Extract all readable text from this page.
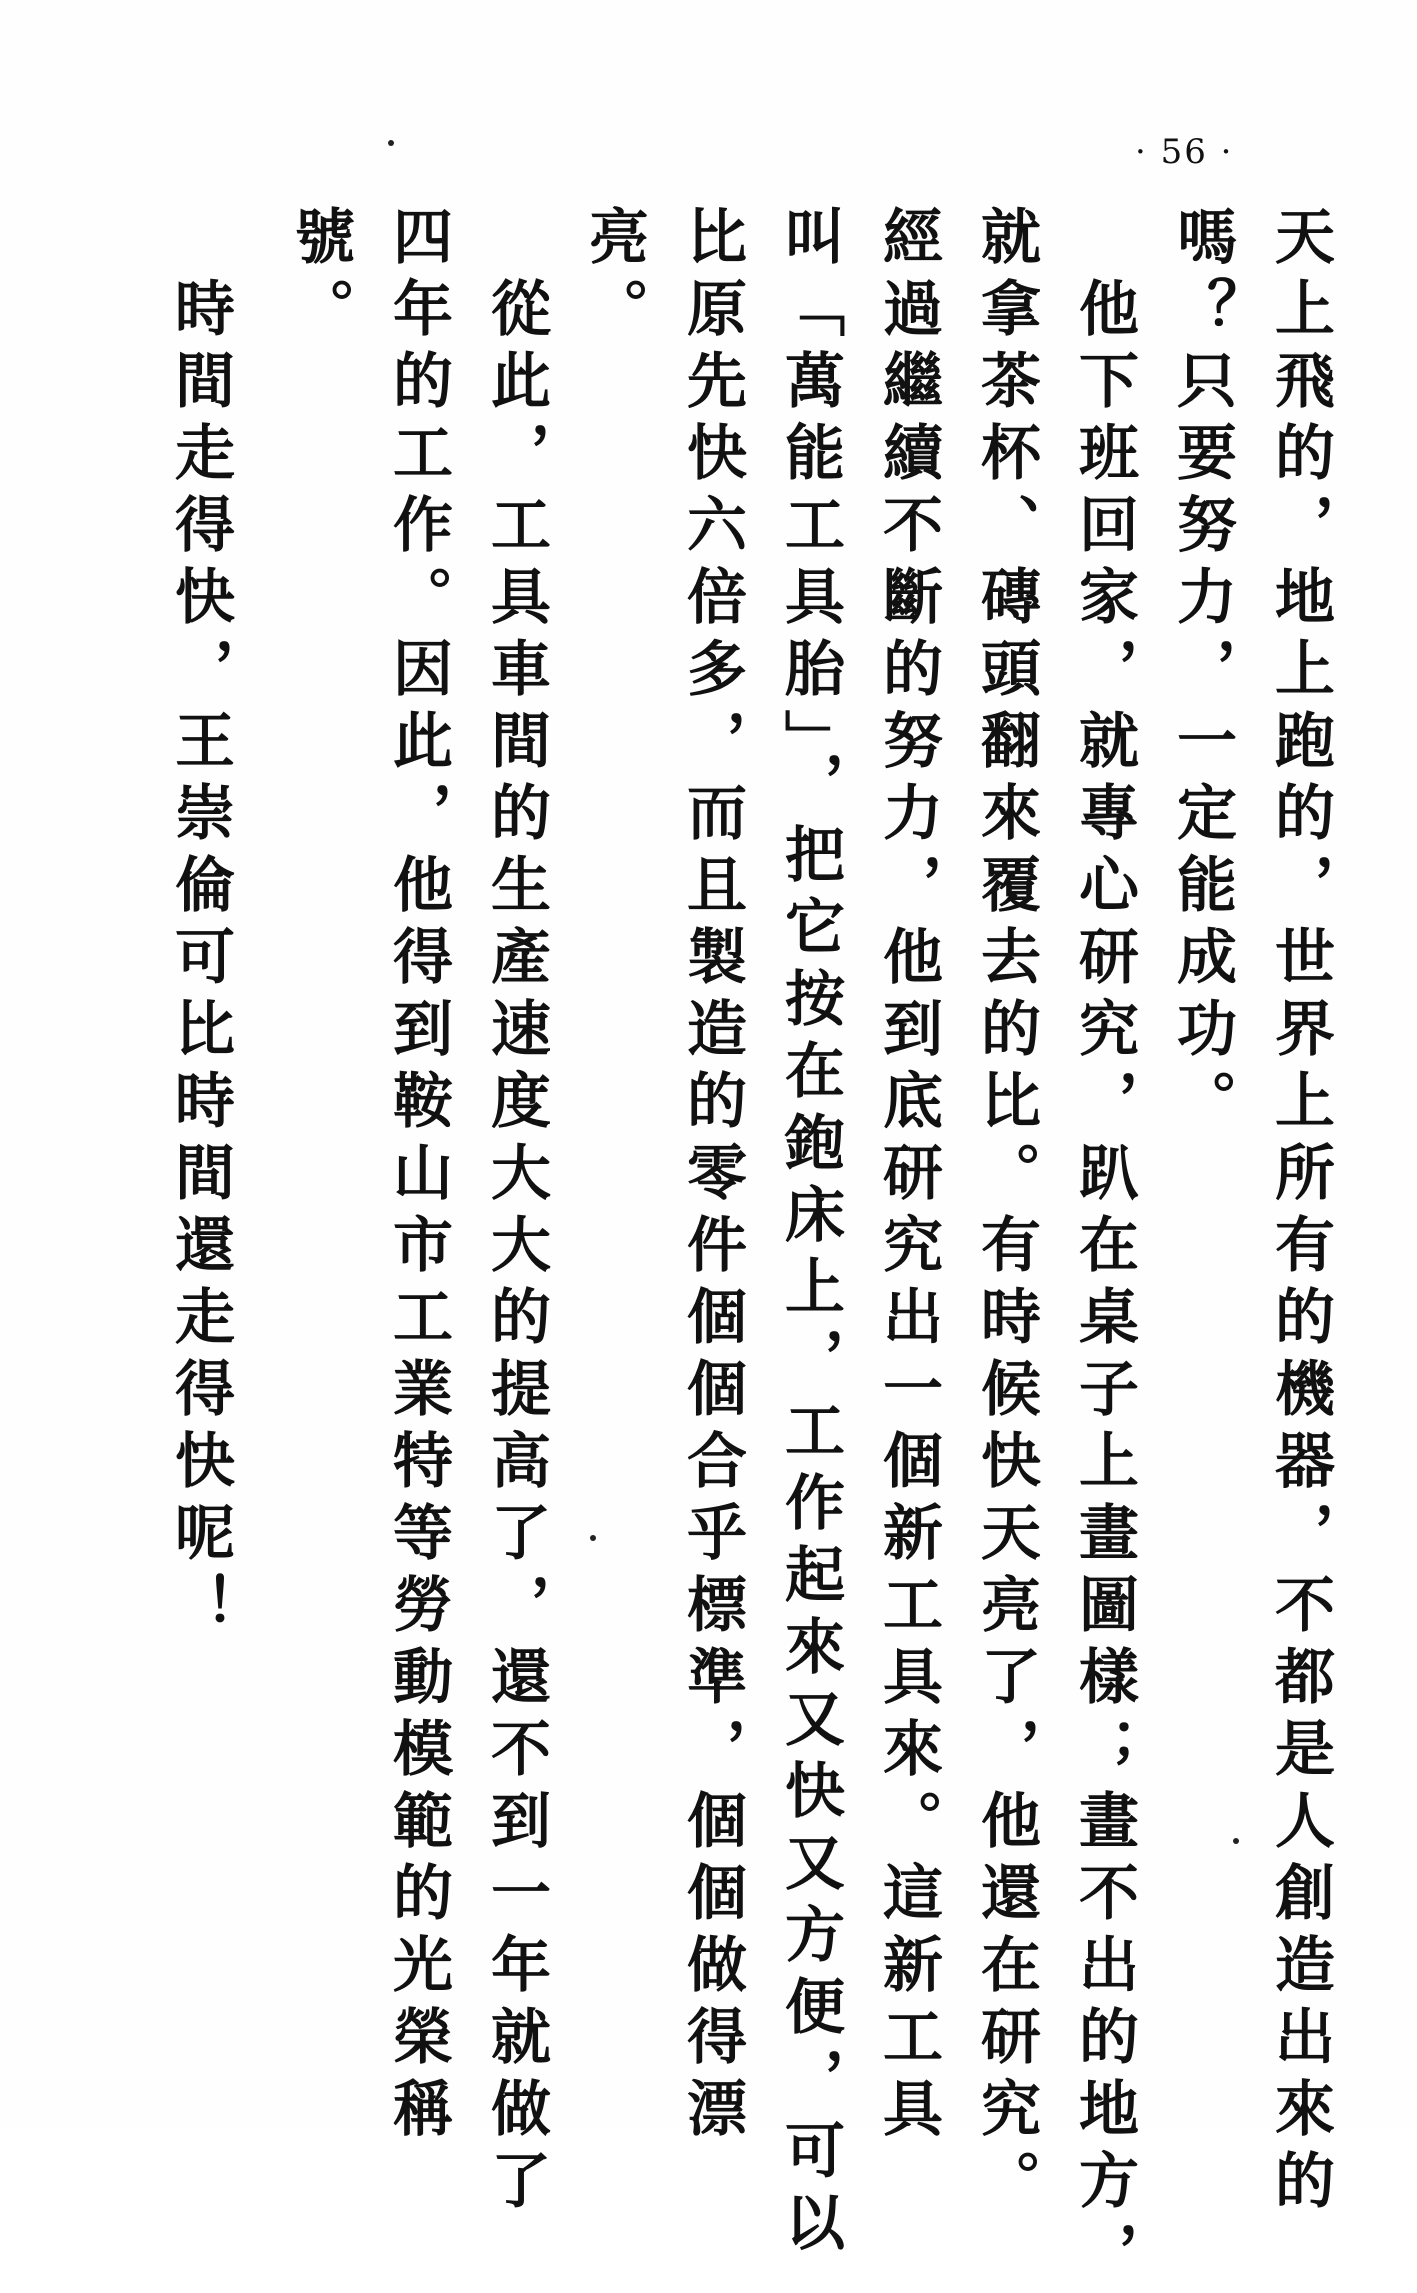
· 56 ·
天上飛的，地上跑的，世界上所有的機器，不都是人創造出來的
嗎？只要努力，一定能成功。
他下班回家，就專心研究，趴在桌子上畫圖樣；畫不出的地方，
就拿茶杯、磚頭翻來覆去的比。有時候快天亮了，他還在研究。
經過繼續不斷的努力，他到底研究出一個新工具來。這新工具
叫「萬能工具胎」，把它按在鉋床上，工作起來又快又方便，可以
比原先快六倍多，而且製造的零件個個合乎標準，個個做得漂
亮。
從此，工具車間的生產速度大大的提高了，還不到一年就做了
四年的工作。因此，他得到鞍山市工業特等勞動模範的光榮稱
號。
時間走得快，王崇倫可比時間還走得快呢！
